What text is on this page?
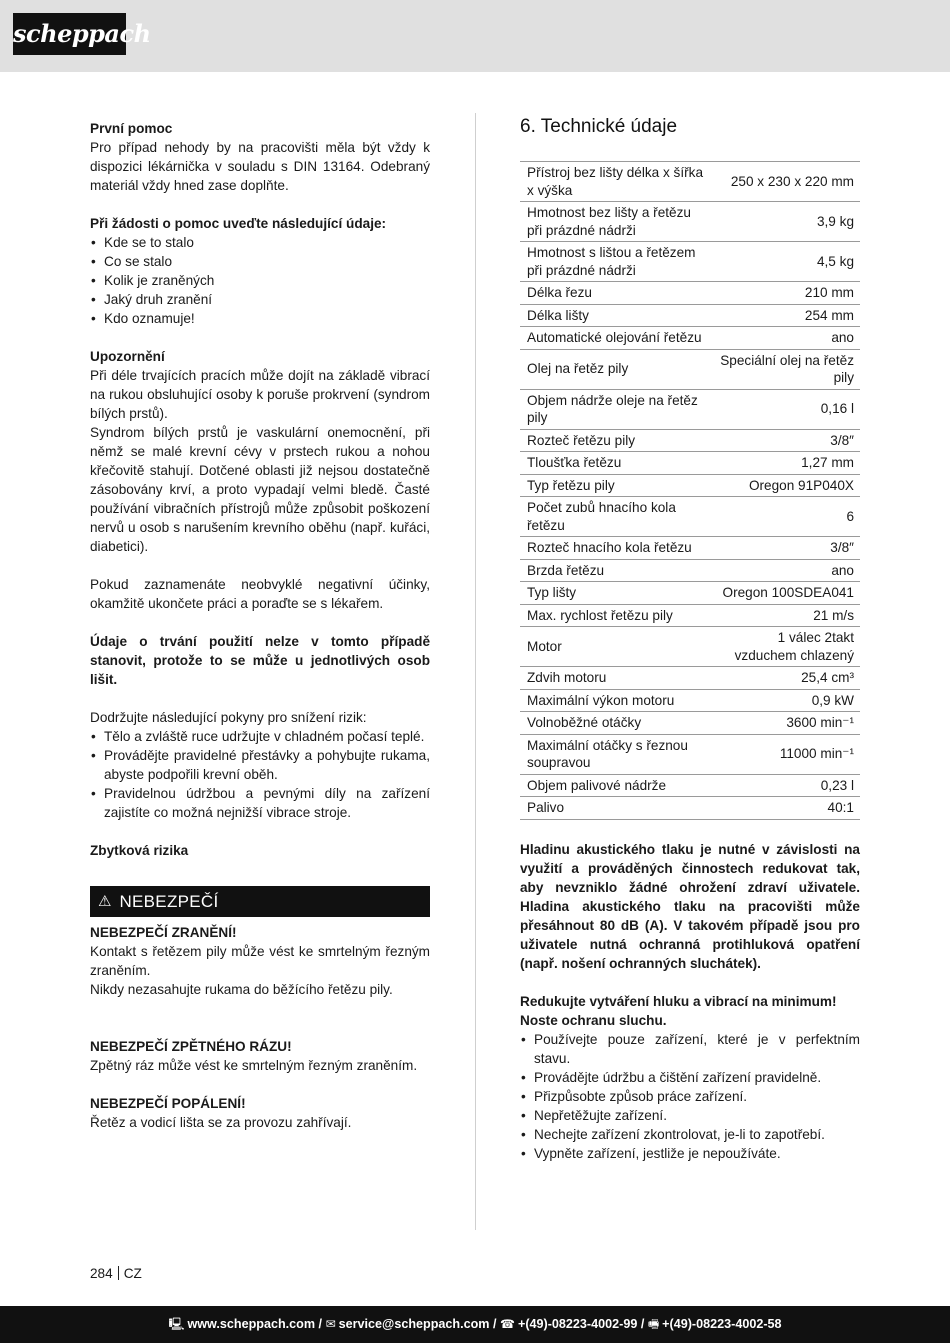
scheppach
První pomoc
Pro případ nehody by na pracovišti měla být vždy k dispozici lékárnička v souladu s DIN 13164. Odebraný materiál vždy hned zase doplňte.
Při žádosti o pomoc uveďte následující údaje:
• Kde se to stalo
• Co se stalo
• Kolik je zraněných
• Jaký druh zranění
• Kdo oznamuje!
Upozornění
Při déle trvajících pracích může dojít na základě vibrací na rukou obsluhující osoby k poruše prokrvení (syndrom bílých prstů).
Syndrom bílých prstů je vaskulární onemocnění, při němž se malé krevní cévy v prstech rukou a nohou křečovitě stahují. Dotčené oblasti již nejsou dostatečně zásobovány krví, a proto vypadají velmi bledě. Časté používání vibračních přístrojů může způsobit poškození nervů u osob s narušením krevního oběhu (např. kuřáci, diabetici).
Pokud zaznamenáte neobvyklé negativní účinky, okamžitě ukončete práci a poraďte se s lékařem.
Údaje o trvání použití nelze v tomto případě stanovit, protože to se může u jednotlivých osob lišit.
Dodržujte následující pokyny pro snížení rizik:
• Tělo a zvláště ruce udržujte v chladném počasí teplé.
• Provádějte pravidelné přestávky a pohybujte rukama, abyste podpořili krevní oběh.
• Pravidelnou údržbou a pevnými díly na zařízení zajistíte co možná nejnižší vibrace stroje.
Zbytková rizika
⚠ NEBEZPEČÍ
NEBEZPEČÍ ZRANĚNÍ!
Kontakt s řetězem pily může vést ke smrtelným řezným zraněním.
Nikdy nezasahujte rukama do běžícího řetězu pily.
NEBEZPEČÍ ZPĚTNÉHO RÁZU!
Zpětný ráz může vést ke smrtelným řezným zraněním.
NEBEZPEČÍ POPÁLENÍ!
Řetěz a vodicí lišta se za provozu zahřívají.
6. Technické údaje
Přístroj bez lišty délka x šířka x výška	250 x 230 x 220 mm
Hmotnost bez lišty a řetězu při prázdné nádrži	3,9 kg
Hmotnost s lištou a řetězem při prázdné nádrži	4,5 kg
Délka řezu	210 mm
Délka lišty	254 mm
Automatické olejování řetězu	ano
Olej na řetěz pily	Speciální olej na řetěz pily
Objem nádrže oleje na řetěz pily	0,16 l
Rozteč řetězu pily	3/8″
Tloušťka řetězu	1,27 mm
Typ řetězu pily	Oregon 91P040X
Počet zubů hnacího kola řetězu	6
Rozteč hnacího kola řetězu	3/8″
Brzda řetězu	ano
Typ lišty	Oregon 100SDEA041
Max. rychlost řetězu pily	21 m/s
Motor	1 válec 2takt vzduchem chlazený
Zdvih motoru	25,4 cm³
Maximální výkon motoru	0,9 kW
Volnoběžné otáčky	3600 min⁻¹
Maximální otáčky s řeznou soupravou	11000 min⁻¹
Objem palivové nádrže	0,23 l
Palivo	40:1
Hladinu akustického tlaku je nutné v závislosti na využití a prováděných činnostech redukovat tak, aby nevzniklo žádné ohrožení zdraví uživatele. Hladina akustického tlaku na pracovišti může přesáhnout 80 dB (A). V takovém případě jsou pro uživatele nutná ochranná protihluková opatření (např. nošení ochranných sluchátek).
Redukujte vytváření hluku a vibrací na minimum! Noste ochranu sluchu.
• Používejte pouze zařízení, které je v perfektním stavu.
• Provádějte údržbu a čištění zařízení pravidelně.
• Přizpůsobte způsob práce zařízení.
• Nepřetěžujte zařízení.
• Nechejte zařízení zkontrolovat, je-li to zapotřebí.
• Vypněte zařízení, jestliže je nepoužíváte.
284 CZ
🖳 www.scheppach.com / ✉ service@scheppach.com / ☎ +(49)-08223-4002-99 / 🖷 +(49)-08223-4002-58
